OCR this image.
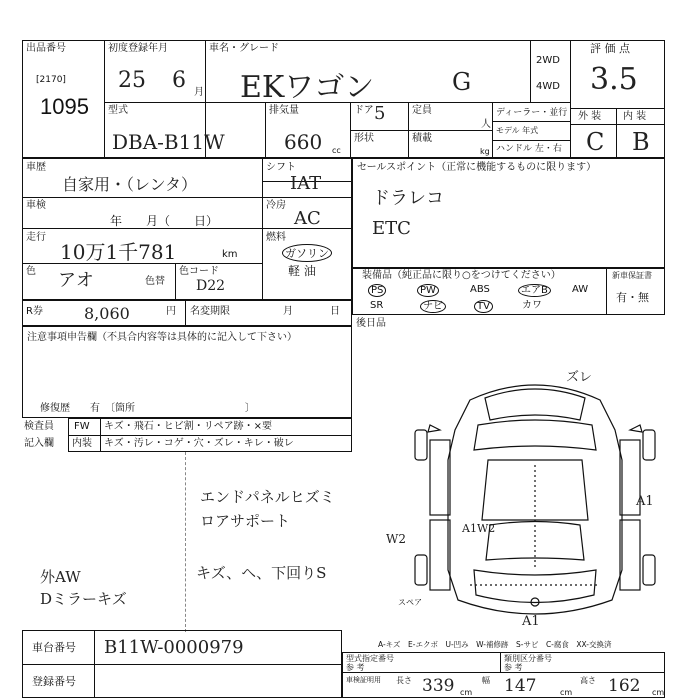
出品番号
[2170]
1095
初度登録年月
25 6 月
車名・グレード
EKワゴン	G
2WD
4WD
評 価 点
3.5
外 装 内 装
C B
型式
DBA-B11W
排気量
660 cc
ドア 5
形状
定員
人
積載
kg
ディーラー・並行
モデル 年式
ハンドル 左・右
車歴
自家用・（レンタ）
シフト
IAT
車検
年　　月（　　日）
冷房
AC
走行
10万1千781	km
燃料
ガソリン
軽 油
色 アオ	色替
色コード
D22
セールスポイント（正常に機能するものに限ります）
ドラレコ
ETC
装備品（純正品に限り○をつけてください）	新車保証書
有・無
PS	PW	ABS	エアB	AW
SR	ナビ	TV	カワ
R券	8,060	円 名変期限	月	日
後日品
注意事項申告欄（不具合内容等は具体的に記入して下さい）
修復歴　　有　〔箇所　　　　　　　　　　　〕
検査員
記入欄
FW キズ・飛石・ヒビ割・リペア跡・×要
内装 キズ・汚レ・コゲ・穴・ズレ・キレ・破レ
エンドパネルヒズミ
ロアサポート
キズ、ヘ、下回りS
外AW
Dミラーキズ
ズレ
A1
W2
A1W2
A1
スペア
A-キズ　E-エクボ　U-凹み　W-補修跡　S-サビ　C-腐食　XX-交換済
車台番号 B11W-0000979
登録番号
型式指定番号
参 考
類別区分番号
参 考
車検証明用 長さ 339 cm
幅 147	cm
高さ 162 cm
